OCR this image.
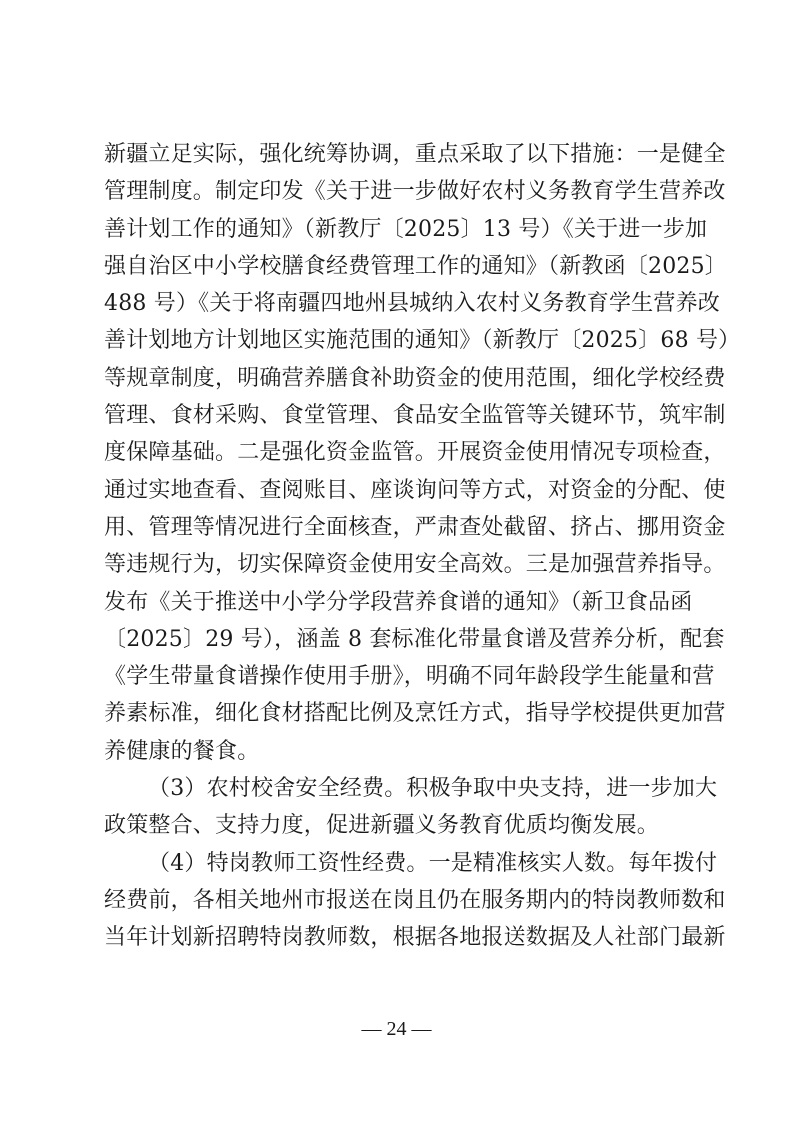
新疆立足实际，强化统筹协调，重点采取了以下措施：一是健全
管理制度。制定印发《关于进一步做好农村义务教育学生营养改
善计划工作的通知》（新教厅〔2025〕13 号）《关于进一步加
强自治区中小学校膳食经费管理工作的通知》（新教函〔2025〕
488 号）《关于将南疆四地州县城纳入农村义务教育学生营养改
善计划地方计划地区实施范围的通知》（新教厅〔2025〕68 号）
等规章制度，明确营养膳食补助资金的使用范围，细化学校经费
管理、食材采购、食堂管理、食品安全监管等关键环节，筑牢制
度保障基础。二是强化资金监管。开展资金使用情况专项检查，
通过实地查看、查阅账目、座谈询问等方式，对资金的分配、使
用、管理等情况进行全面核查，严肃查处截留、挤占、挪用资金
等违规行为，切实保障资金使用安全高效。三是加强营养指导。
发布《关于推送中小学分学段营养食谱的通知》（新卫食品函
〔2025〕29 号），涵盖 8 套标准化带量食谱及营养分析，配套
《学生带量食谱操作使用手册》，明确不同年龄段学生能量和营
养素标准，细化食材搭配比例及烹饪方式，指导学校提供更加营
养健康的餐食。
（3）农村校舍安全经费。积极争取中央支持，进一步加大
政策整合、支持力度，促进新疆义务教育优质均衡发展。
（4）特岗教师工资性经费。一是精准核实人数。每年拨付
经费前，各相关地州市报送在岗且仍在服务期内的特岗教师数和
当年计划新招聘特岗教师数，根据各地报送数据及人社部门最新
— 24 —
